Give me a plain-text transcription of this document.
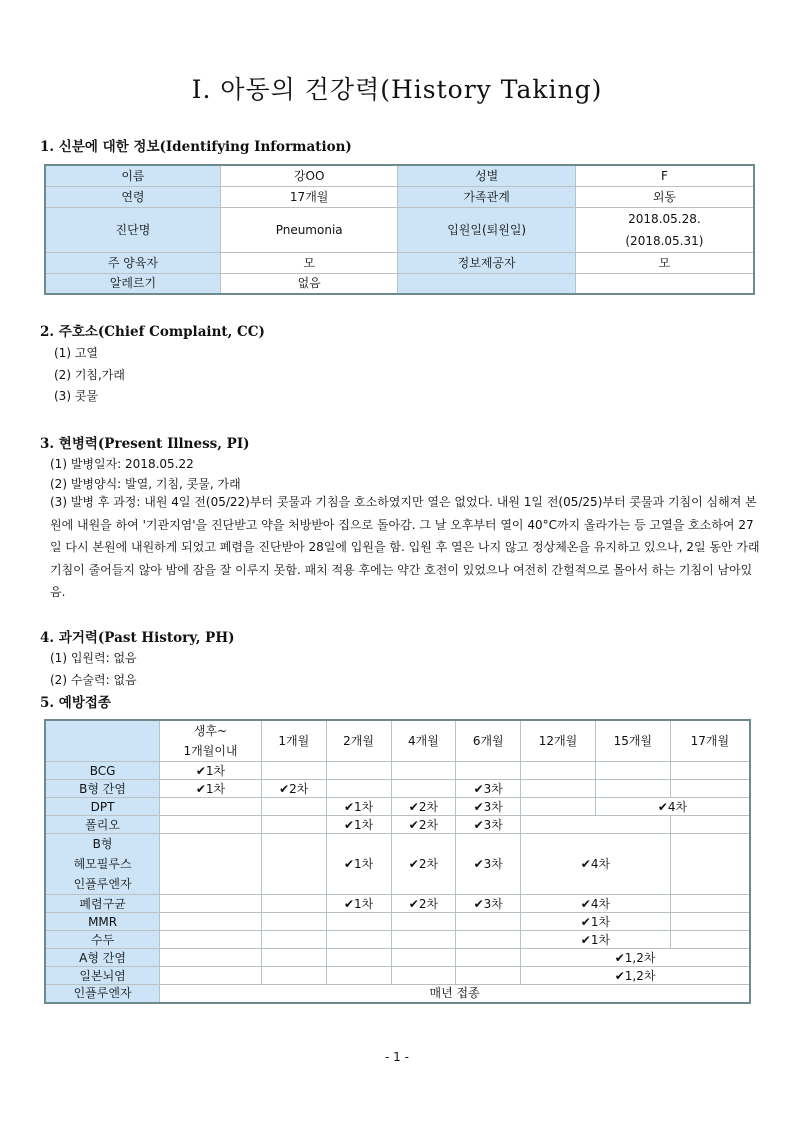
Ⅰ. 아동의 건강력(History Taking)
1. 신분에 대한 정보(Identifying Information)
이름	강OO	성별	F
연령	17개월	가족관계	외동
진단명	Pneumonia	입원일(퇴원일)	2018.05.28.
(2018.05.31)

주 양육자	모	정보제공자	모
알레르기	없음		
2. 주호소(Chief Complaint, CC)
(1) 고열
(2) 기침,가래
(3) 콧물
3. 현병력(Present Illness, PI)
(1) 발병일자: 2018.05.22
(2) 발병양식: 발열, 기침, 콧물, 가래
(3) 발병 후 과정: 내원 4일 전(05/22)부터 콧물과 기침을 호소하였지만 열은 없었다. 내원 1일 전(05/25)부터 콧물과 기침이 심해져 본원에 내원을 하여 '기관지염'을 진단받고 약을 처방받아 집으로 돌아감. 그 날 오후부터 열이 40°C까지 올라가는 등 고열을 호소하여 27일 다시 본원에 내원하게 되었고 폐렴을 진단받아 28일에 입원을 함. 입원 후 열은 나지 않고 정상체온을 유지하고 있으나, 2일 동안 가래 기침이 줄어들지 않아 밤에 잠을 잘 이루지 못함. 패치 적용 후에는 약간 호전이 있었으나 여전히 간헐적으로 몰아서 하는 기침이 남아있음.
4. 과거력(Past History, PH)
(1) 입원력: 없음
(2) 수술력: 없음
5. 예방접종

	생후~
1개월이내	1개월	2개월	4개월	6개월	12개월	15개월	17개월
BCG	✔1차							
B형 간염	✔1차	✔2차			✔3차			
DPT			✔1차	✔2차	✔3차		✔4차	
폴리오			✔1차	✔2차	✔3차			

B형
헤모필루스
인플루엔자			✔1차	✔2차	✔3차	✔4차		
폐렴구균			✔1차	✔2차	✔3차	✔4차		
MMR						✔1차		
수두						✔1차		
A형 간염						✔1,2차		
일본뇌염						✔1,2차		
인플루엔자	매년 접종							
- 1 -
